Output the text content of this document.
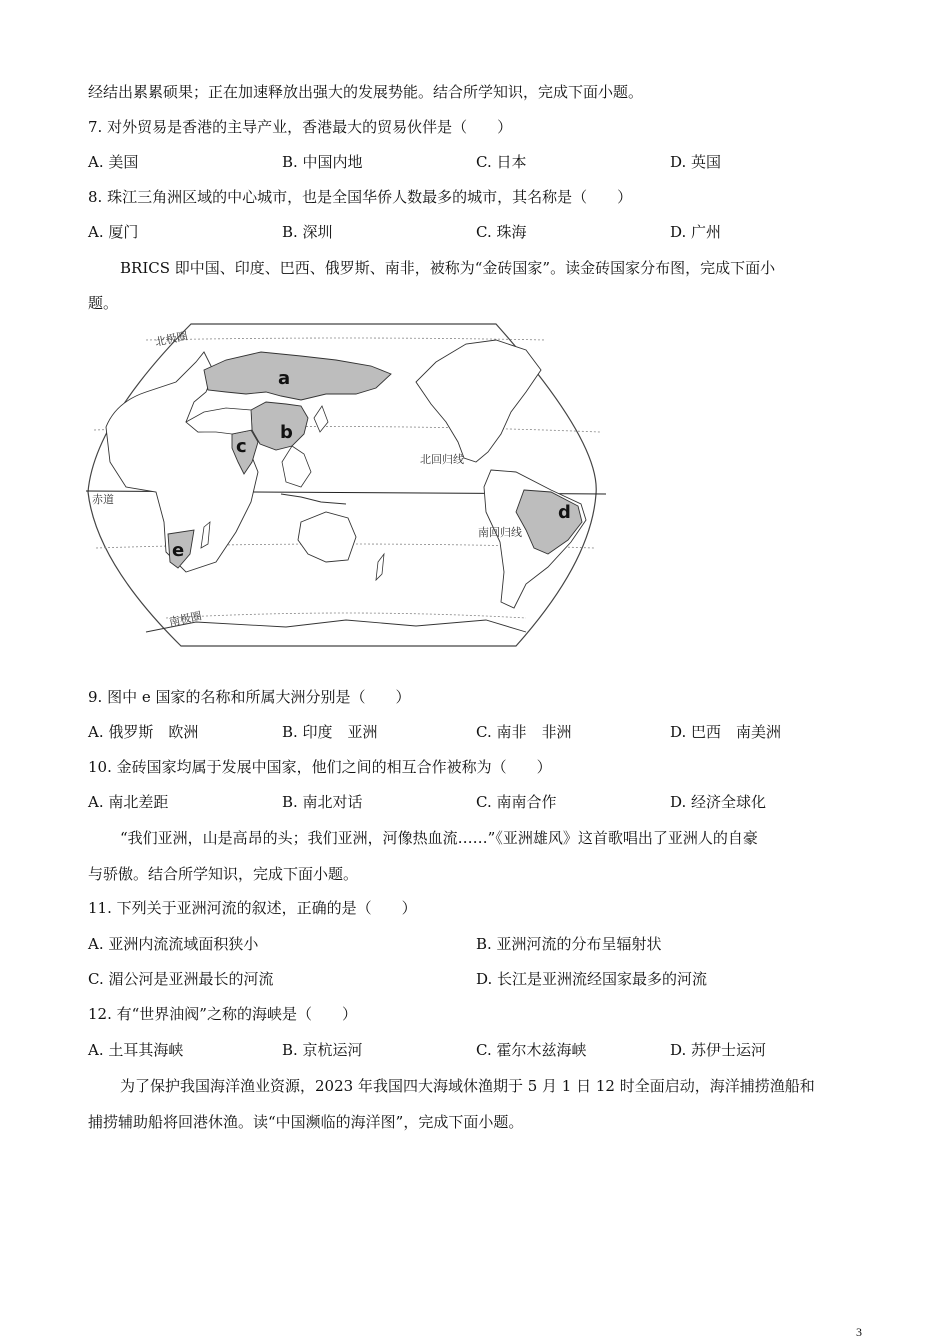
经结出累累硕果；正在加速释放出强大的发展势能。结合所学知识，完成下面小题。
7. 对外贸易是香港的主导产业，香港最大的贸易伙伴是（　　）
A. 美国	B. 中国内地	C. 日本	D. 英国
8. 珠江三角洲区域的中心城市，也是全国华侨人数最多的城市，其名称是（　　）
A. 厦门	B. 深圳	C. 珠海	D. 广州
BRICS 即中国、印度、巴西、俄罗斯、南非，被称为“金砖国家”。读金砖国家分布图，完成下面小
题。
北极圈
北回归线
赤道
南回归线
南极圈
a
b
c
d
e
9. 图中 e 国家的名称和所属大洲分别是（　　）
A. 俄罗斯　欧洲	B. 印度　亚洲	C. 南非　非洲	D. 巴西　南美洲
10. 金砖国家均属于发展中国家，他们之间的相互合作被称为（　　）
A. 南北差距	B. 南北对话	C. 南南合作	D. 经济全球化
“我们亚洲，山是高昂的头；我们亚洲，河像热血流……”《亚洲雄风》这首歌唱出了亚洲人的自豪
与骄傲。结合所学知识，完成下面小题。
11. 下列关于亚洲河流的叙述，正确的是（　　）
A. 亚洲内流流域面积狭小	B. 亚洲河流的分布呈辐射状
C. 湄公河是亚洲最长的河流	D. 长江是亚洲流经国家最多的河流
12. 有“世界油阀”之称的海峡是（　　）
A. 土耳其海峡	B. 京杭运河	C. 霍尔木兹海峡	D. 苏伊士运河
为了保护我国海洋渔业资源，2023 年我国四大海域休渔期于 5 月 1 日 12 时全面启动，海洋捕捞渔船和
捕捞辅助船将回港休渔。读“中国濒临的海洋图”，完成下面小题。
3
